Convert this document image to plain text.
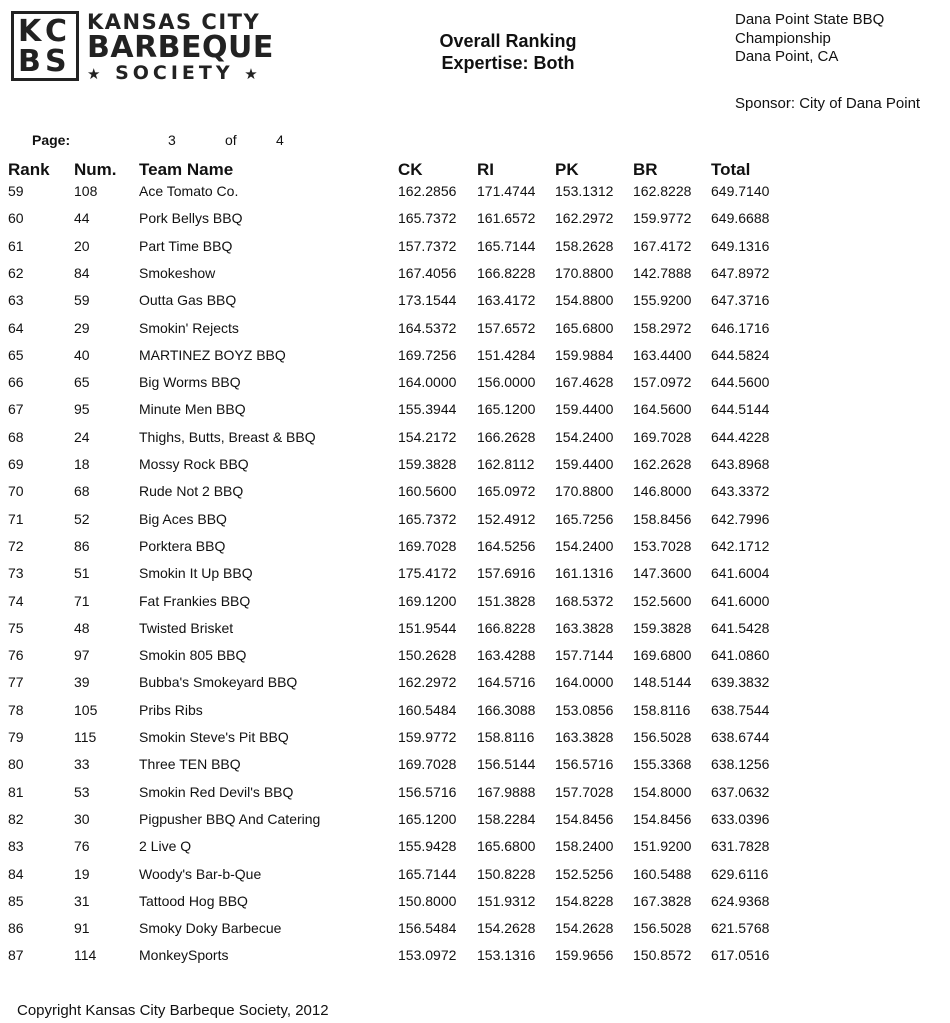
K C
B S
KANSAS CITY
BARBEQUE
★ SOCIETY ★
Overall Ranking
Expertise: Both
Dana Point State BBQ
Championship
Dana Point, CA
Sponsor: City of Dana Point
Page:	3	of	4
Rank Num. Team Name	CK	RI	PK	BR	Total
59	108	Ace Tomato Co.	162.2856 171.4744 153.1312 162.8228 649.7140
60	44	Pork Bellys BBQ	165.7372 161.6572 162.2972 159.9772 649.6688
61	20	Part Time BBQ	157.7372 165.7144 158.2628 167.4172 649.1316
62	84	Smokeshow	167.4056 166.8228 170.8800 142.7888 647.8972
63	59	Outta Gas BBQ	173.1544 163.4172 154.8800 155.9200 647.3716
64	29	Smokin' Rejects	164.5372 157.6572 165.6800 158.2972 646.1716
65	40	MARTINEZ BOYZ BBQ	169.7256 151.4284 159.9884 163.4400 644.5824
66	65	Big Worms BBQ	164.0000 156.0000 167.4628 157.0972 644.5600
67	95	Minute Men BBQ	155.3944 165.1200 159.4400 164.5600 644.5144
68	24	Thighs, Butts, Breast & BBQ	154.2172 166.2628 154.2400 169.7028 644.4228
69	18	Mossy Rock BBQ	159.3828 162.8112 159.4400 162.2628 643.8968
70	68	Rude Not 2 BBQ	160.5600 165.0972 170.8800 146.8000 643.3372
71	52	Big Aces BBQ	165.7372 152.4912 165.7256 158.8456 642.7996
72	86	Porktera BBQ	169.7028 164.5256 154.2400 153.7028 642.1712
73	51	Smokin It Up BBQ	175.4172 157.6916 161.1316 147.3600 641.6004
74	71	Fat Frankies BBQ	169.1200 151.3828 168.5372 152.5600 641.6000
75	48	Twisted Brisket	151.9544 166.8228 163.3828 159.3828 641.5428
76	97	Smokin 805 BBQ	150.2628 163.4288 157.7144 169.6800 641.0860
77	39	Bubba's Smokeyard BBQ	162.2972 164.5716 164.0000 148.5144 639.3832
78	105	Pribs Ribs	160.5484 166.3088 153.0856 158.8116 638.7544
79	115	Smokin Steve's Pit BBQ	159.9772 158.8116 163.3828 156.5028 638.6744
80	33	Three TEN BBQ	169.7028 156.5144 156.5716 155.3368 638.1256
81	53	Smokin Red Devil's BBQ	156.5716 167.9888 157.7028 154.8000 637.0632
82	30	Pigpusher BBQ And Catering	165.1200 158.2284 154.8456 154.8456 633.0396
83	76	2 Live Q	155.9428 165.6800 158.2400 151.9200 631.7828
84	19	Woody's Bar-b-Que	165.7144 150.8228 152.5256 160.5488 629.6116
85	31	Tattood Hog BBQ	150.8000 151.9312 154.8228 167.3828 624.9368
86	91	Smoky Doky Barbecue	156.5484 154.2628 154.2628 156.5028 621.5768
87	114	MonkeySports	153.0972 153.1316 159.9656 150.8572 617.0516
Copyright Kansas City Barbeque Society, 2012
